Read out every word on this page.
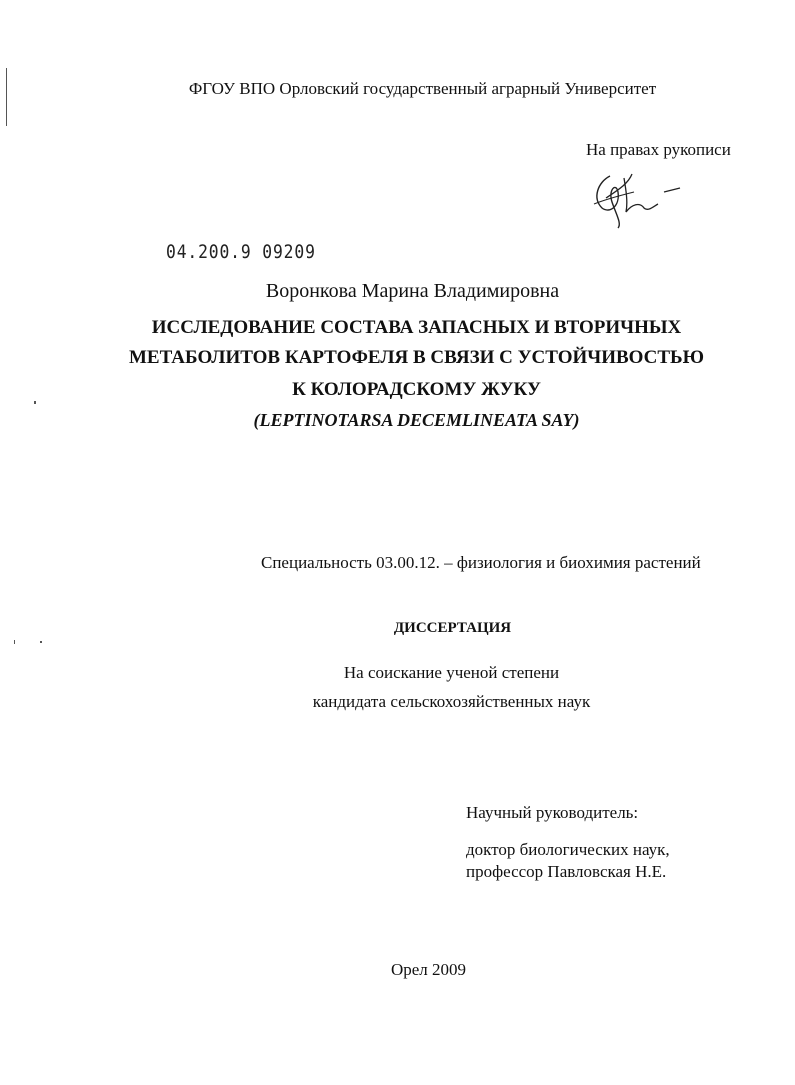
ФГОУ ВПО Орловский государственный аграрный Университет
На правах рукописи
04.200.9 09209
Воронкова Марина Владимировна
ИССЛЕДОВАНИЕ СОСТАВА ЗАПАСНЫХ И ВТОРИЧНЫХ
МЕТАБОЛИТОВ КАРТОФЕЛЯ В СВЯЗИ С УСТОЙЧИВОСТЬЮ
К КОЛОРАДСКОМУ ЖУКУ
(LEPTINOTARSA DECEMLINEATA SAY)
Специальность 03.00.12. – физиология и биохимия растений
ДИССЕРТАЦИЯ
На соискание ученой степени
кандидата сельскохозяйственных наук
Научный руководитель:
доктор биологических наук,
профессор Павловская Н.Е.
Орел 2009
